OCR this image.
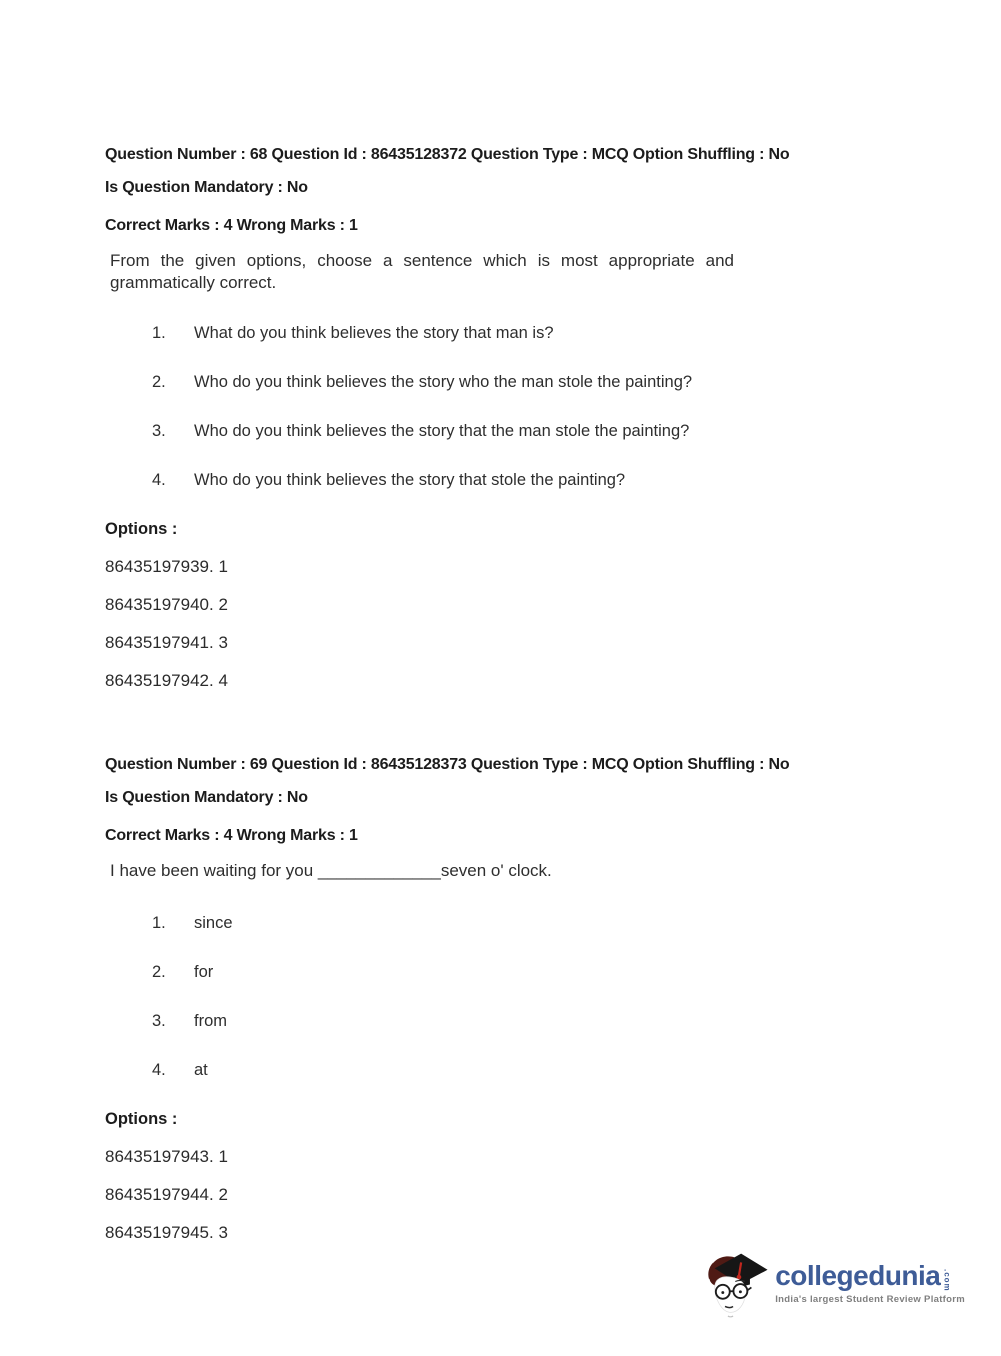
Question Number : 68 Question Id : 86435128372 Question Type : MCQ Option Shuffling : No
Is Question Mandatory : No
Correct Marks : 4 Wrong Marks : 1
From the given options, choose a sentence which is most appropriate and grammatically correct.
1.	What do you think believes the story that man is?
2.	Who do you think believes the story who the man stole the painting?
3.	Who do you think believes the story that the man stole the painting?
4.	Who do you think believes the story that stole the painting?
Options :
86435197939. 1
86435197940. 2
86435197941. 3
86435197942. 4
Question Number : 69 Question Id : 86435128373 Question Type : MCQ Option Shuffling : No
Is Question Mandatory : No
Correct Marks : 4 Wrong Marks : 1
I have been waiting for you _____________seven o' clock.
1.	since
2.	for
3.	from
4.	at
Options :
86435197943. 1
86435197944. 2
86435197945. 3
collegedunia .com
India's largest Student Review Platform
